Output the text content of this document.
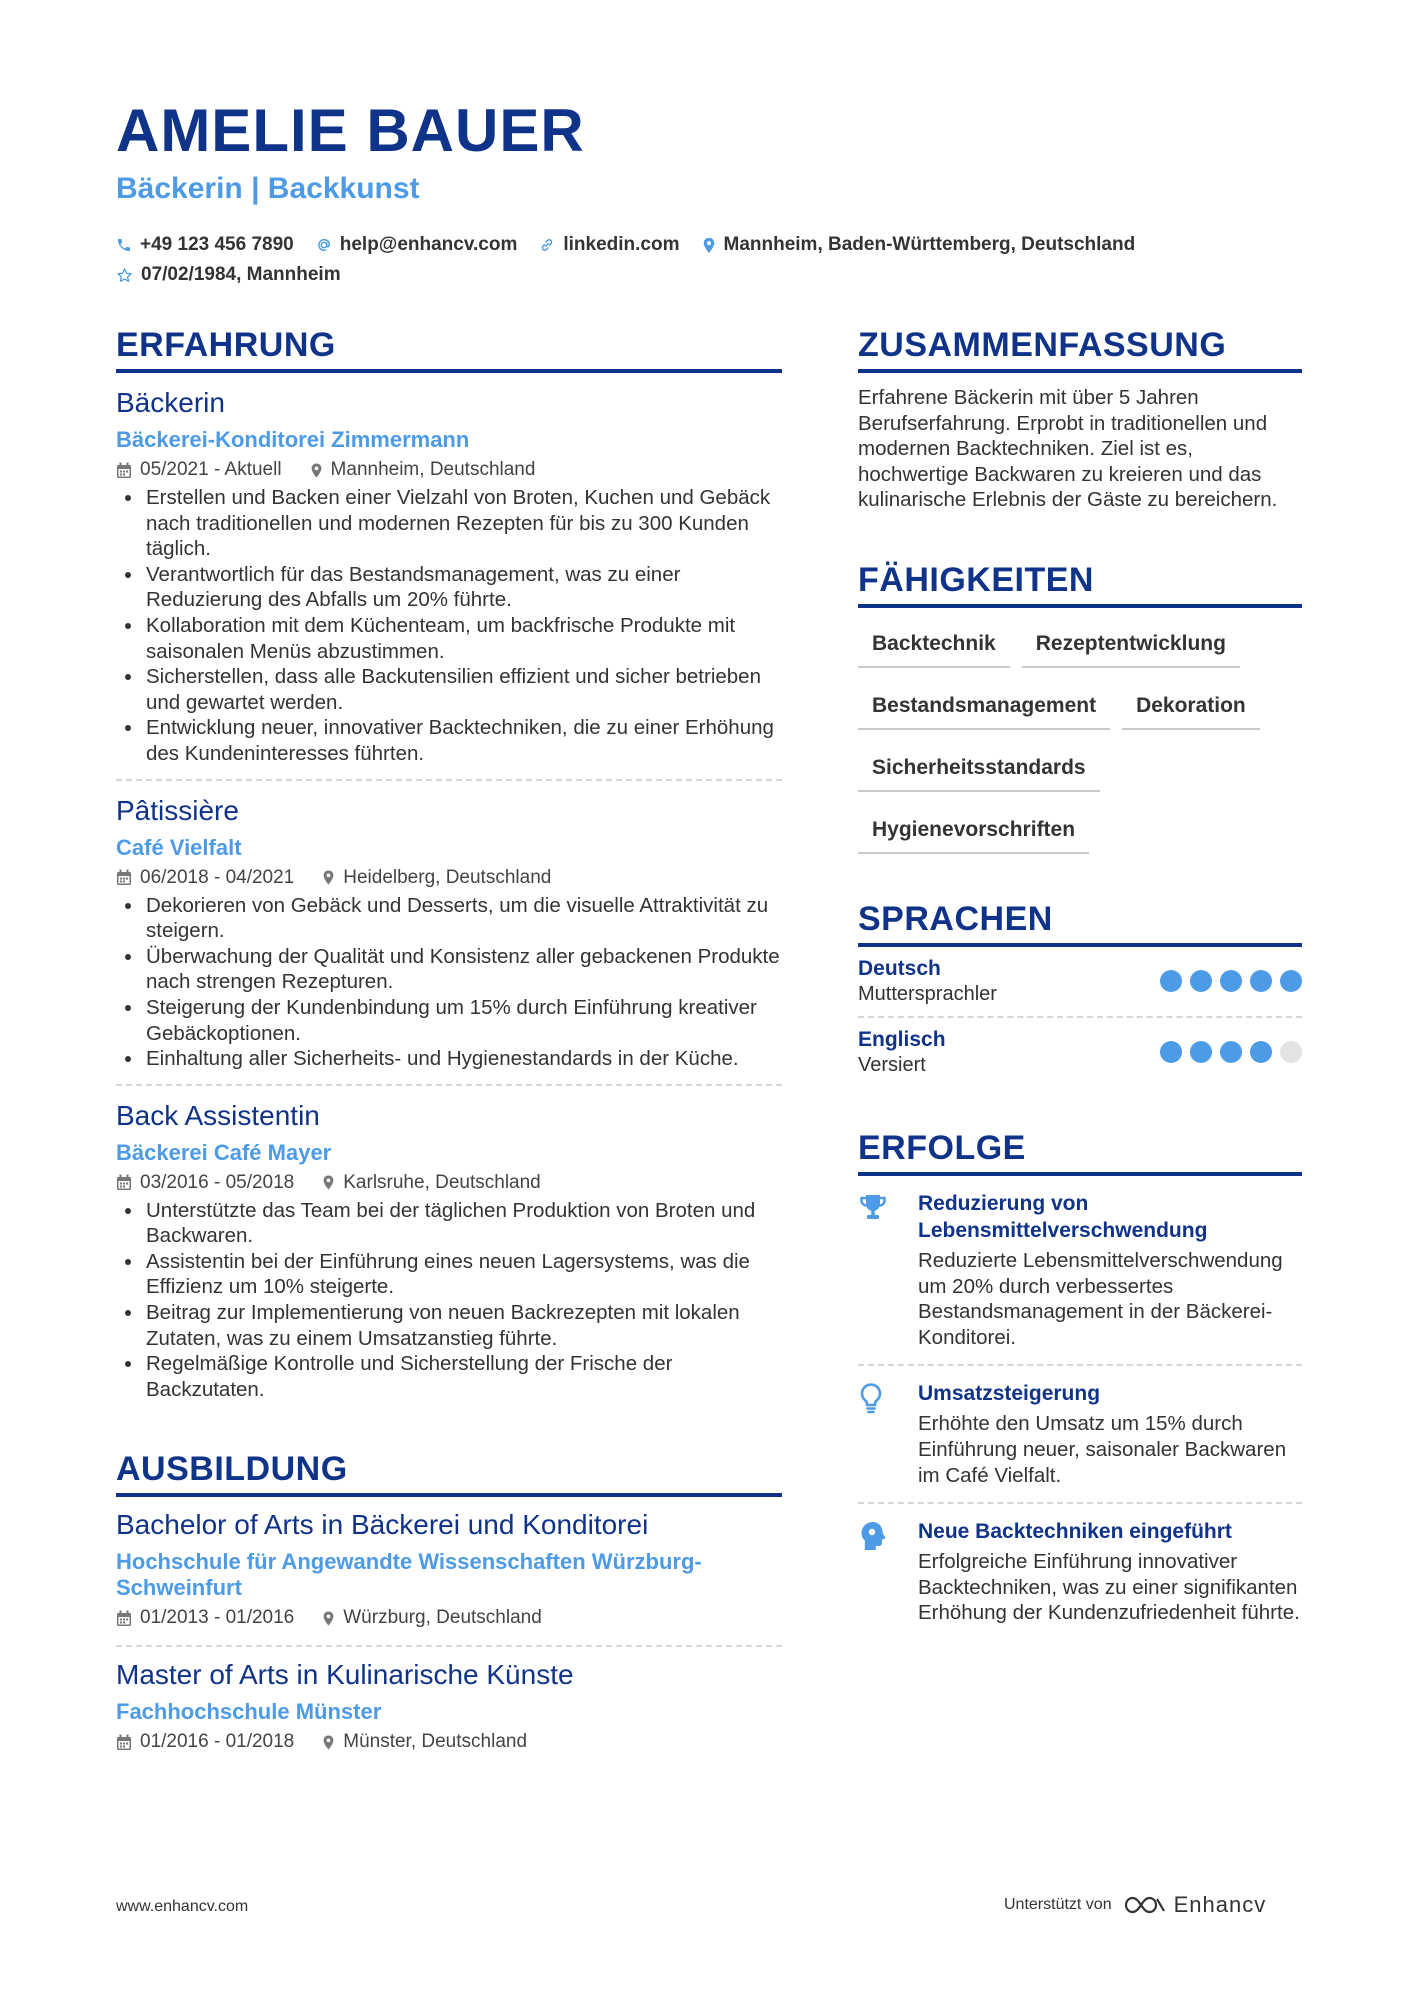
AMELIE BAUER
Bäckerin | Backkunst
+49 123 456 7890 help@enhancv.com linkedin.com Mannheim, Baden-Württemberg, Deutschland
07/02/1984, Mannheim
ERFAHRUNG
Bäckerin
Bäckerei-Konditorei Zimmermann
05/2021 - Aktuell	Mannheim, Deutschland
• Erstellen und Backen einer Vielzahl von Broten, Kuchen und Gebäck nach traditionellen und modernen Rezepten für bis zu 300 Kunden täglich.
• Verantwortlich für das Bestandsmanagement, was zu einer Reduzierung des Abfalls um 20% führte.
• Kollaboration mit dem Küchenteam, um backfrische Produkte mit saisonalen Menüs abzustimmen.
• Sicherstellen, dass alle Backutensilien effizient und sicher betrieben und gewartet werden.
• Entwicklung neuer, innovativer Backtechniken, die zu einer Erhöhung des Kundeninteresses führten.
Pâtissière
Café Vielfalt
06/2018 - 04/2021	Heidelberg, Deutschland
• Dekorieren von Gebäck und Desserts, um die visuelle Attraktivität zu steigern.
• Überwachung der Qualität und Konsistenz aller gebackenen Produkte nach strengen Rezepturen.
• Steigerung der Kundenbindung um 15% durch Einführung kreativer Gebäckoptionen.
• Einhaltung aller Sicherheits- und Hygienestandards in der Küche.
Back Assistentin
Bäckerei Café Mayer
03/2016 - 05/2018	Karlsruhe, Deutschland
• Unterstützte das Team bei der täglichen Produktion von Broten und Backwaren.
• Assistentin bei der Einführung eines neuen Lagersystems, was die Effizienz um 10% steigerte.
• Beitrag zur Implementierung von neuen Backrezepten mit lokalen Zutaten, was zu einem Umsatzanstieg führte.
• Regelmäßige Kontrolle und Sicherstellung der Frische der Backzutaten.
AUSBILDUNG
Bachelor of Arts in Bäckerei und Konditorei
Hochschule für Angewandte Wissenschaften Würzburg-Schweinfurt
01/2013 - 01/2016	Würzburg, Deutschland
Master of Arts in Kulinarische Künste
Fachhochschule Münster
01/2016 - 01/2018	Münster, Deutschland
ZUSAMMENFASSUNG

Erfahrene Bäckerin mit über 5 Jahren Berufserfahrung. Erprobt in traditionellen und modernen Backtechniken. Ziel ist es, hochwertige Backwaren zu kreieren und das kulinarische Erlebnis der Gäste zu bereichern.

FÄHIGKEITEN
Backtechnik	Rezeptentwicklung
Bestandsmanagement	Dekoration
Sicherheitsstandards
Hygienevorschriften
SPRACHEN
Deutsch
Muttersprachler
Englisch
Versiert
ERFOLGE
Reduzierung von Lebensmittelverschwendung
Reduzierte Lebensmittelverschwendung um 20% durch verbessertes Bestandsmanagement in der Bäckerei-Konditorei.
Umsatzsteigerung
Erhöhte den Umsatz um 15% durch Einführung neuer, saisonaler Backwaren im Café Vielfalt.
Neue Backtechniken eingeführt
Erfolgreiche Einführung innovativer Backtechniken, was zu einer signifikanten Erhöhung der Kundenzufriedenheit führte.
www.enhancv.com	Unterstützt von	Enhancv
